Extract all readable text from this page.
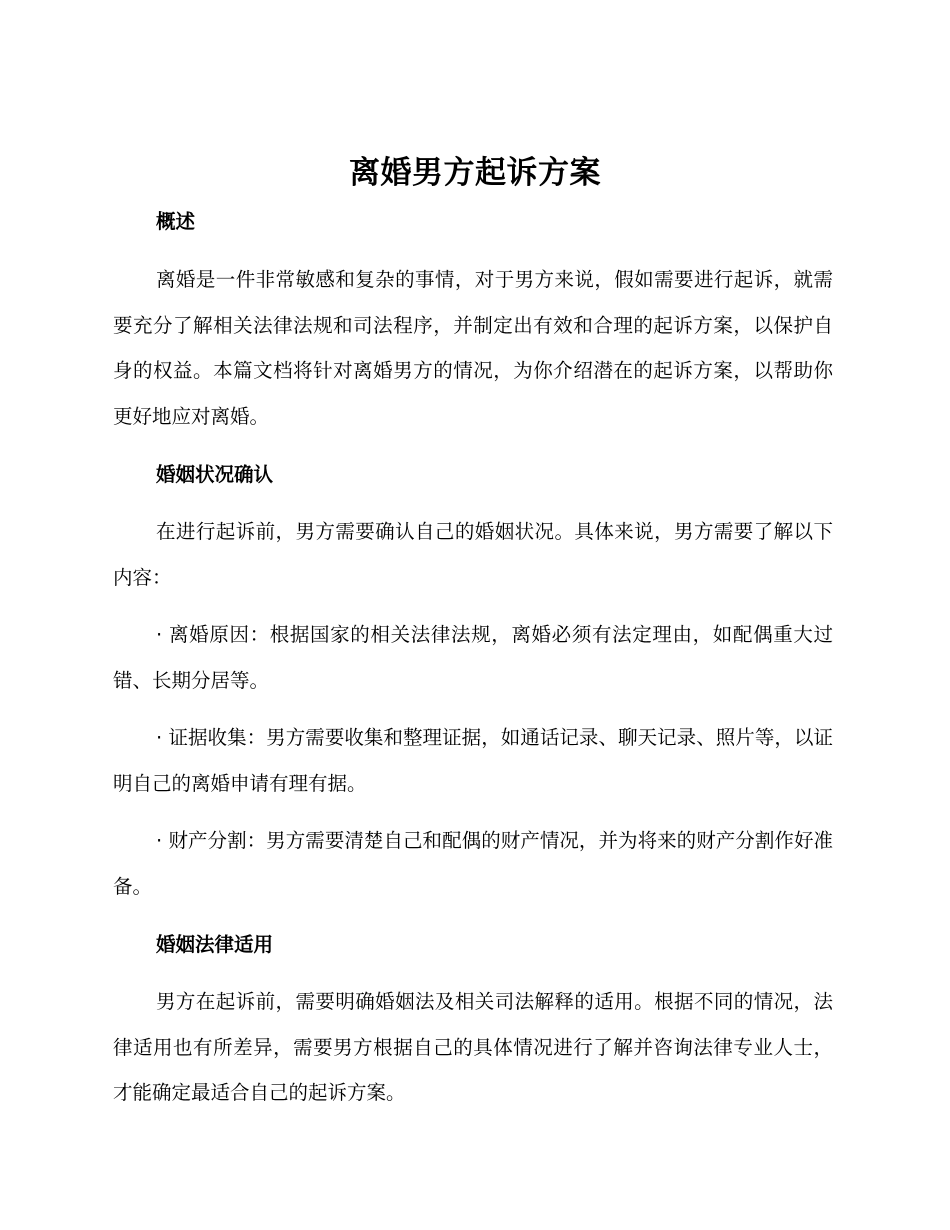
离婚男方起诉方案

概述

离婚是一件非常敏感和复杂的事情，对于男方来说，假如需要进行起诉，就需要充分了解相关法律法规和司法程序，并制定出有效和合理的起诉方案，以保护自身的权益。本篇文档将针对离婚男方的情况，为你介绍潜在的起诉方案，以帮助你更好地应对离婚。

婚姻状况确认

在进行起诉前，男方需要确认自己的婚姻状况。具体来说，男方需要了解以下内容：

· 离婚原因：根据国家的相关法律法规，离婚必须有法定理由，如配偶重大过错、长期分居等。

· 证据收集：男方需要收集和整理证据，如通话记录、聊天记录、照片等，以证明自己的离婚申请有理有据。

· 财产分割：男方需要清楚自己和配偶的财产情况，并为将来的财产分割作好准备。

婚姻法律适用

男方在起诉前，需要明确婚姻法及相关司法解释的适用。根据不同的情况，法律适用也有所差异，需要男方根据自己的具体情况进行了解并咨询法律专业人士，才能确定最适合自己的起诉方案。
